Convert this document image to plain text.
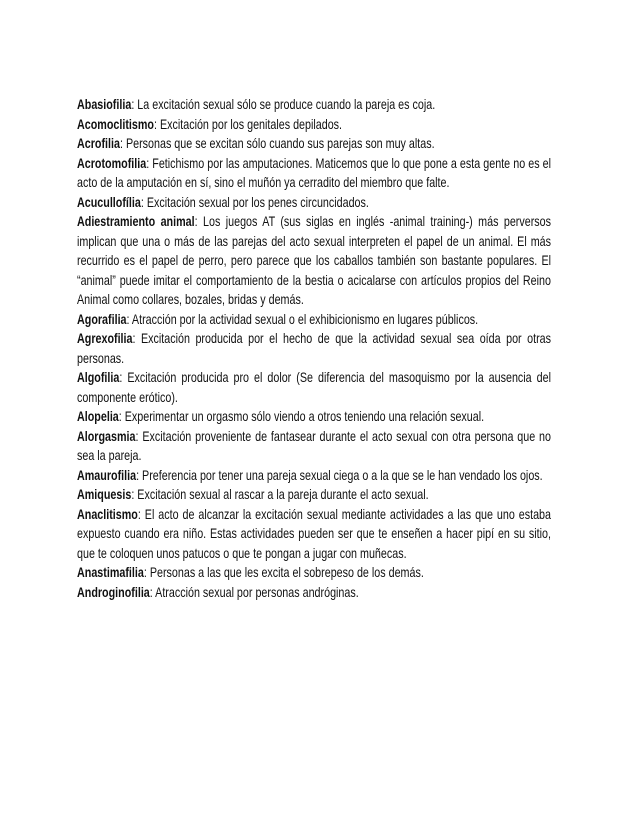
Abasiofilia: La excitación sexual sólo se produce cuando la pareja es coja.

Acomoclitismo: Excitación por los genitales depilados.

Acrofilia: Personas que se excitan sólo cuando sus parejas son muy altas.

Acrotomofilia: Fetichismo por las amputaciones. Maticemos que lo que pone a esta gente no es el acto de la amputación en sí, sino el muñón ya cerradito del miembro que falte.

Acucullofília: Excitación sexual por los penes circuncidados.

Adiestramiento animal: Los juegos AT (sus siglas en inglés -animal training-) más perversos implican que una o más de las parejas del acto sexual interpreten el papel de un animal. El más recurrido es el papel de perro, pero parece que los caballos también son bastante populares. El “animal” puede imitar el comportamiento de la bestia o acicalarse con artículos propios del Reino Animal como collares, bozales, bridas y demás.

Agorafilia: Atracción por la actividad sexual o el exhibicionismo en lugares públicos.

Agrexofilia: Excitación producida por el hecho de que la actividad sexual sea oída por otras personas.

Algofilia: Excitación producida pro el dolor (Se diferencia del masoquismo por la ausencia del componente erótico).

Alopelia: Experimentar un orgasmo sólo viendo a otros teniendo una relación sexual.

Alorgasmia: Excitación proveniente de fantasear durante el acto sexual con otra persona que no sea la pareja.

Amaurofilia: Preferencia por tener una pareja sexual ciega o a la que se le han vendado los ojos.

Amiquesis: Excitación sexual al rascar a la pareja durante el acto sexual.

Anaclitismo: El acto de alcanzar la excitación sexual mediante actividades a las que uno estaba expuesto cuando era niño. Estas actividades pueden ser que te enseñen a hacer pipí en su sitio, que te coloquen unos patucos o que te pongan a jugar con muñecas.

Anastimafilia: Personas a las que les excita el sobrepeso de los demás.

Androginofilia: Atracción sexual por personas andróginas.
